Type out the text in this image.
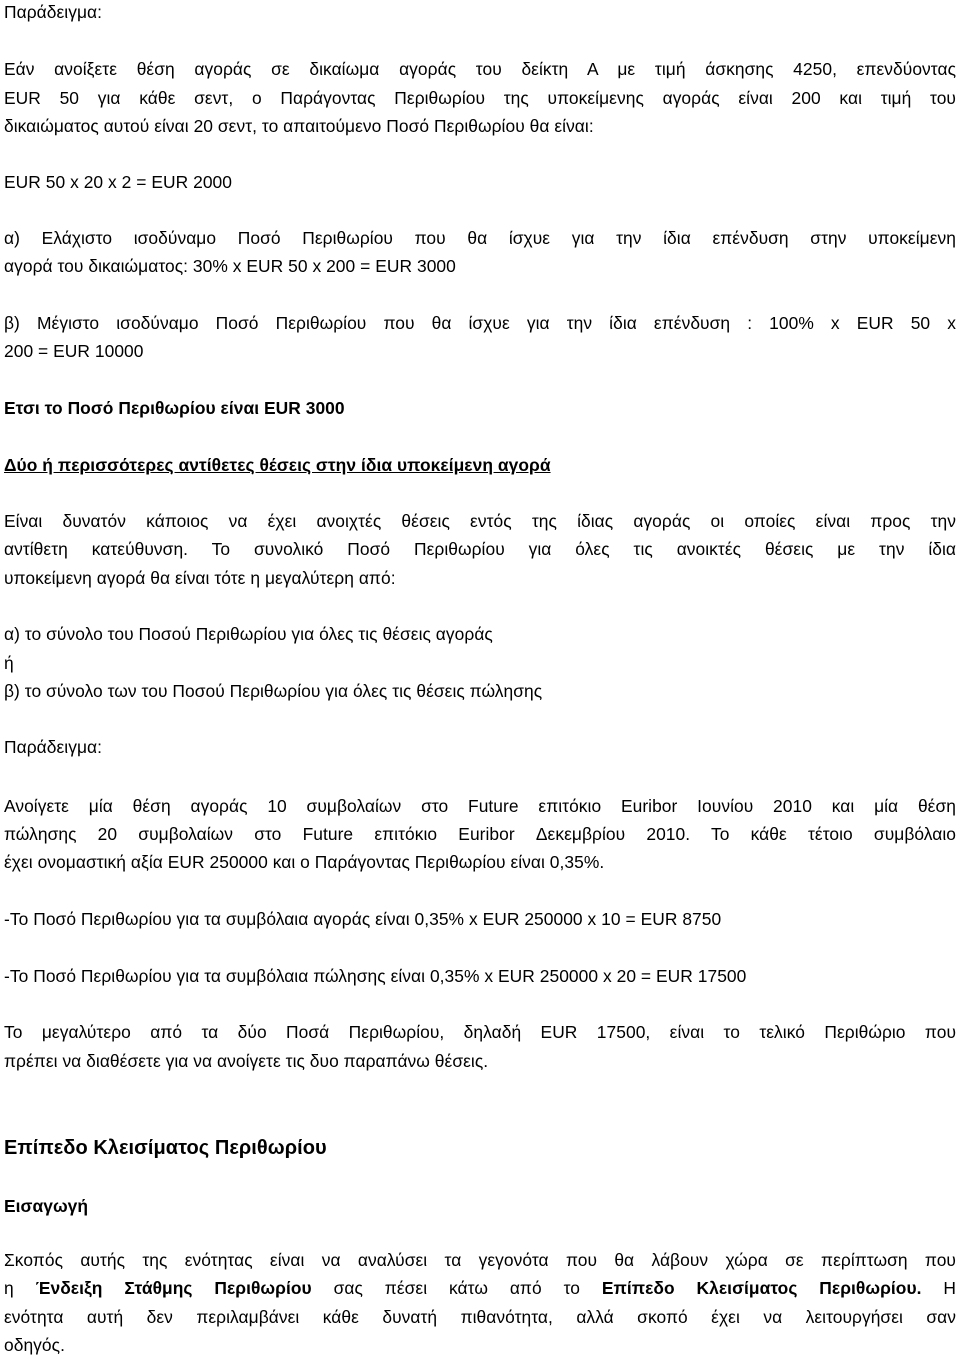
Παράδειγμα:
Εάν ανοίξετε θέση αγοράς σε δικαίωμα αγοράς του δείκτη Α με τιμή άσκησης 4250, επενδύοντας
EUR 50 για κάθε σεντ, ο Παράγοντας Περιθωρίου της υποκείμενης αγοράς είναι 200 και τιμή του
δικαιώματος αυτού είναι 20 σεντ, το απαιτούμενο Ποσό Περιθωρίου θα είναι:
EUR 50 x 20 x 2 = EUR 2000
α) Ελάχιστο ισοδύναμο Ποσό Περιθωρίου που θα ίσχυε για την ίδια επένδυση στην υποκείμενη
αγορά του δικαιώματος: 30% x EUR 50 x 200 = EUR 3000
β) Μέγιστο ισοδύναμο Ποσό Περιθωρίου που θα ίσχυε για την ίδια επένδυση : 100% x EUR 50 x
200 = EUR 10000
Ετσι το Ποσό Περιθωρίου είναι EUR 3000
Δύο ή περισσότερες αντίθετες θέσεις στην ίδια υποκείμενη αγορά
Είναι δυνατόν κάποιος να έχει ανοιχτές θέσεις εντός της ίδιας αγοράς οι οποίες είναι προς την
αντίθετη κατεύθυνση. Το συνολικό Ποσό Περιθωρίου για όλες τις ανοικτές θέσεις με την ίδια
υποκείμενη αγορά θα είναι τότε η μεγαλύτερη από:
α) το σύνολο του Ποσού Περιθωρίου για όλες τις θέσεις αγοράς
ή
β) το σύνολο των του Ποσού Περιθωρίου για όλες τις θέσεις πώλησης
Παράδειγμα:
Ανοίγετε μία θέση αγοράς 10 συμβολαίων στο Future επιτόκιο Euribor Ιουνίου 2010 και μία θέση
πώλησης 20 συμβολαίων στο Future επιτόκιο Euribor Δεκεμβρίου 2010. Το κάθε τέτοιο συμβόλαιο
έχει ονομαστική αξία EUR 250000 και ο Παράγοντας Περιθωρίου είναι 0,35%.
-Το Ποσό Περιθωρίου για τα συμβόλαια αγοράς είναι 0,35% x EUR 250000 x 10 = EUR 8750
-Το Ποσό Περιθωρίου για τα συμβόλαια πώλησης είναι 0,35% x EUR 250000 x 20 = EUR 17500
Το μεγαλύτερο από τα δύο Ποσά Περιθωρίου, δηλαδή EUR 17500, είναι το τελικό Περιθώριο που
πρέπει να διαθέσετε για να ανοίγετε τις δυο παραπάνω θέσεις.
Επίπεδο Κλεισίματος Περιθωρίου
Εισαγωγή
Σκοπός αυτής της ενότητας είναι να αναλύσει τα γεγονότα που θα λάβουν χώρα σε περίπτωση που
η Ένδειξη Στάθμης Περιθωρίου σας πέσει κάτω από το Επίπεδο Κλεισίματος Περιθωρίου. Η
ενότητα αυτή δεν περιλαμβάνει κάθε δυνατή πιθανότητα, αλλά σκοπό έχει να λειτουργήσει σαν
οδηγός.
